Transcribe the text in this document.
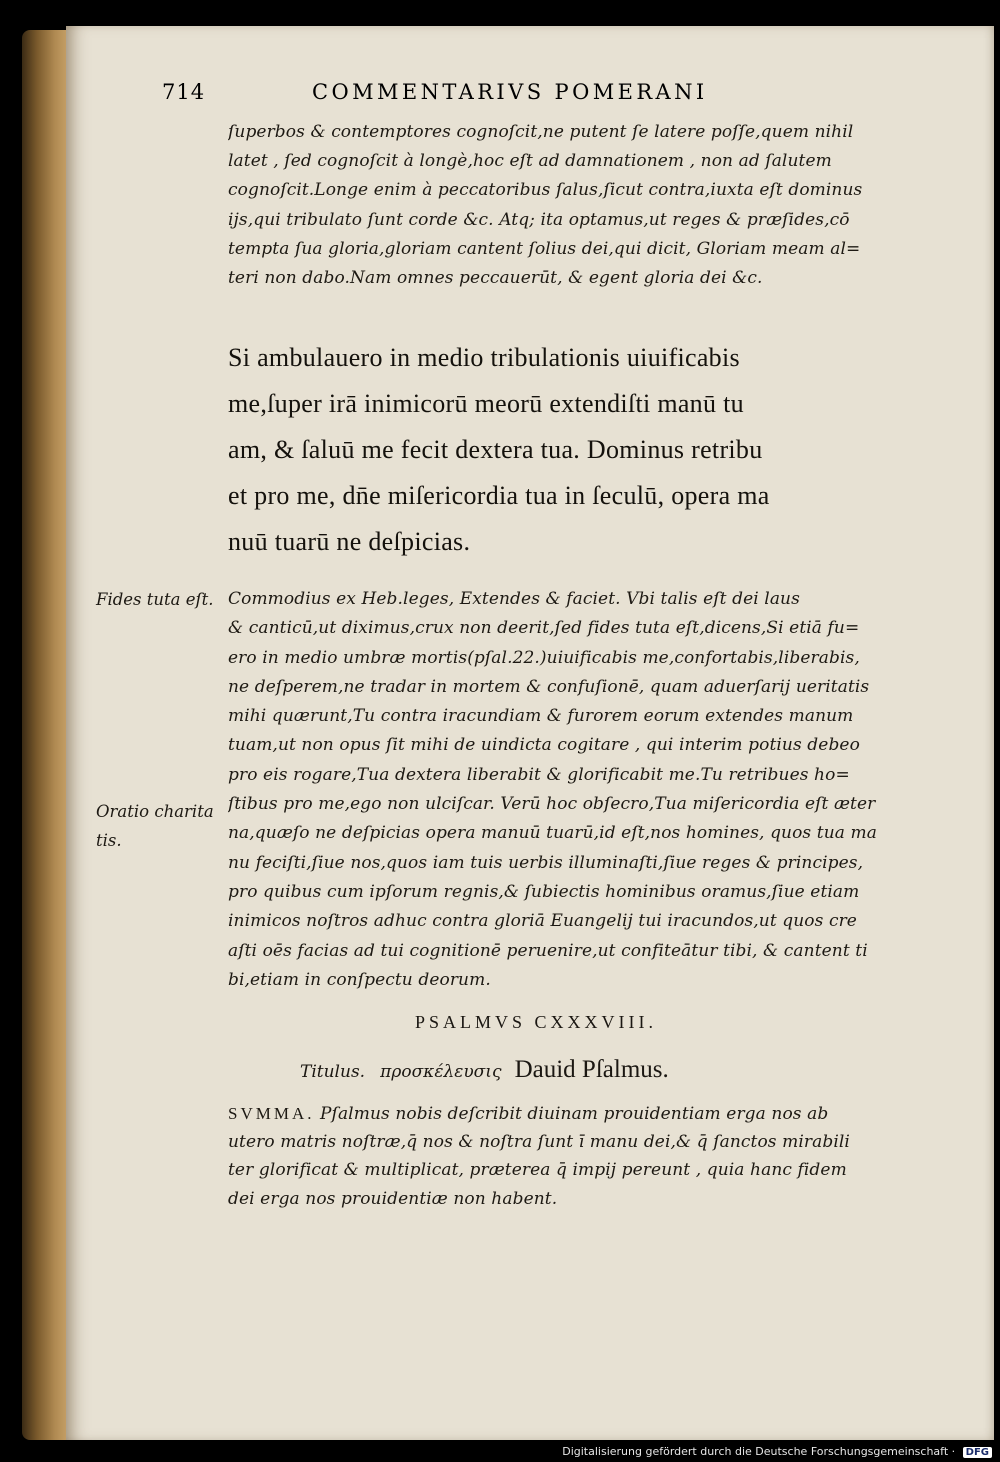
714	COMMENTARIVS POMERANI
ſuperbos & contemptores cognoſcit,ne putent ſe latere poſſe,quem nihil
latet , ſed cognoſcit à longè,hoc eſt ad damnationem , non ad ſalutem
cognoſcit.Longe enim à peccatoribus ſalus,ſicut contra,iuxta eſt dominus
ijs,qui tribulato ſunt corde &c. Atq; ita optamus,ut reges & præſides,cō
tempta ſua gloria,gloriam cantent ſolius dei,qui dicit, Gloriam meam al=
teri non dabo.Nam omnes peccauerūt, & egent gloria dei &c.
Si ambulauero in medio tribulationis uiuificabis
me,ſuper irā inimicorū meorū extendiſti manū tu
am, & ſaluū me fecit dextera tua. Dominus retribu
et pro me, dn̄e miſericordia tua in ſeculū, opera ma
nuū tuarū ne deſpicias.
Fides tuta eſt.
Oratio charita
tis.
Commodius ex Heb.leges, Extendes & faciet. Vbi talis eſt dei laus
& canticū,ut diximus,crux non deerit,ſed fides tuta eſt,dicens,Si etiā fu=
ero in medio umbræ mortis(pſal.22.)uiuificabis me,confortabis,liberabis,
ne deſperem,ne tradar in mortem & confuſionē, quam aduerſarij ueritatis
mihi quærunt,Tu contra iracundiam & furorem eorum extendes manum
tuam,ut non opus ſit mihi de uindicta cogitare , qui interim potius debeo
pro eis rogare,Tua dextera liberabit & glorificabit me.Tu retribues ho=
ſtibus pro me,ego non ulciſcar. Verū hoc obſecro,Tua miſericordia eſt æter
na,quæſo ne deſpicias opera manuū tuarū,id eſt,nos homines, quos tua ma
nu feciſti,ſiue nos,quos iam tuis uerbis illuminaſti,ſiue reges & principes,
pro quibus cum ipſorum regnis,& ſubiectis hominibus oramus,ſiue etiam
inimicos noſtros adhuc contra gloriā Euangelij tui iracundos,ut quos cre
aſti oēs facias ad tui cognitionē peruenire,ut confiteātur tibi, & cantent ti
bi,etiam in conſpectu deorum.
PSALMVS CXXXVIII.
Titulus. προσκέλευσις Dauid Pſalmus.
SVMMA. Pſalmus nobis deſcribit diuinam prouidentiam erga nos ab
utero matris noſtræ,q̄ nos & noſtra ſunt ī manu dei,& q̄ ſanctos mirabili
ter glorificat & multiplicat, præterea q̄ impij pereunt , quia hanc fidem
dei erga nos prouidentiæ non habent.
Digitalisierung gefördert durch die Deutsche Forschungsgemeinschaft · DFG
